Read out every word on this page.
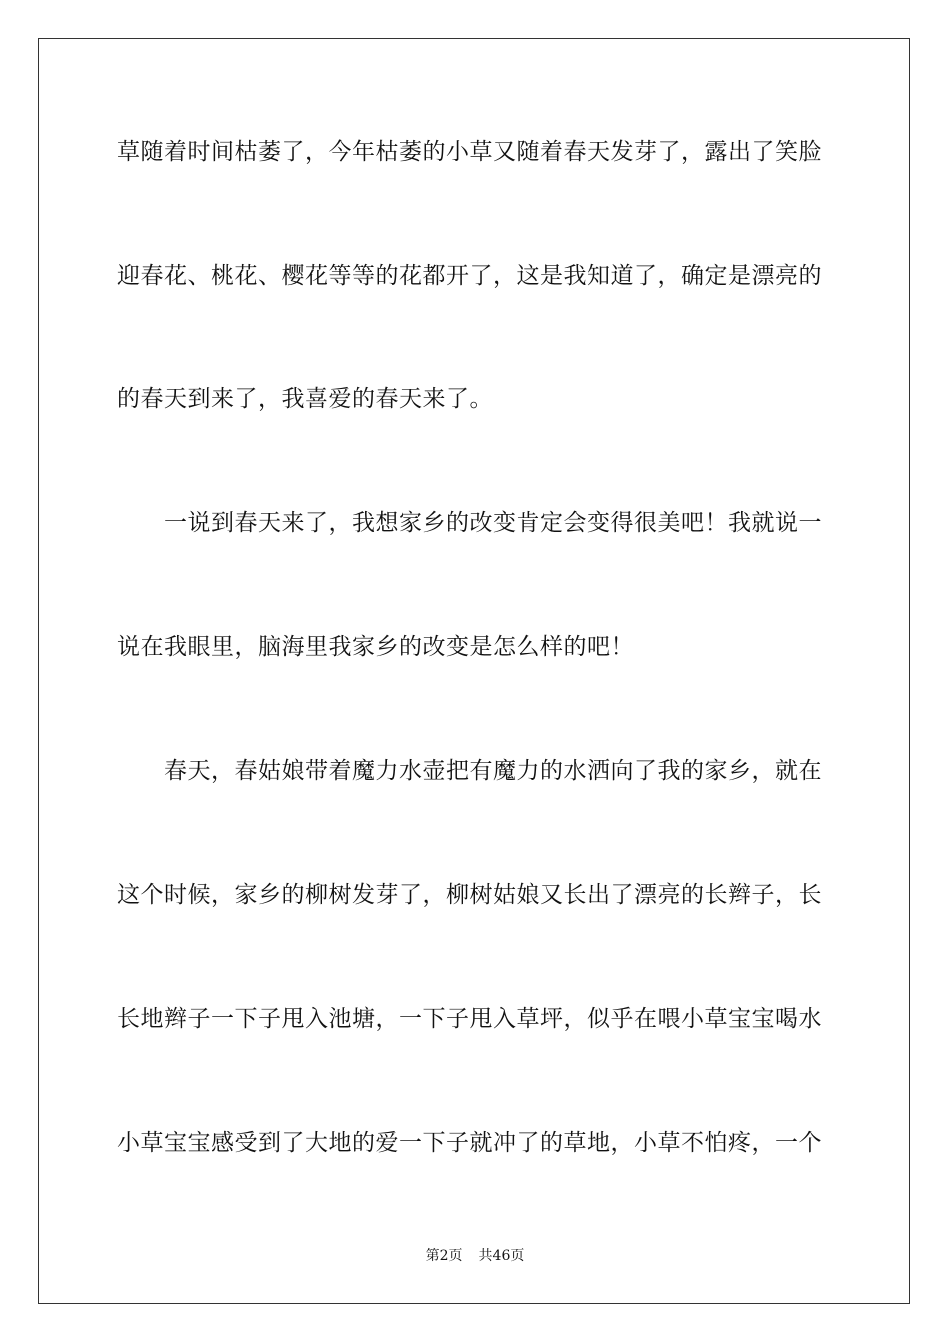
草随着时间枯萎了，今年枯萎的小草又随着春天发芽了，露出了笑脸
迎春花、桃花、樱花等等的花都开了，这是我知道了，确定是漂亮的
的春天到来了，我喜爱的春天来了。
　　一说到春天来了，我想家乡的改变肯定会变得很美吧！我就说一
说在我眼里，脑海里我家乡的改变是怎么样的吧！
　　春天，春姑娘带着魔力水壶把有魔力的水洒向了我的家乡，就在
这个时候，家乡的柳树发芽了，柳树姑娘又长出了漂亮的长辫子，长
长地辫子一下子甩入池塘，一下子甩入草坪，似乎在喂小草宝宝喝水
小草宝宝感受到了大地的爱一下子就冲了的草地，小草不怕疼，一个
第2页 共46页
